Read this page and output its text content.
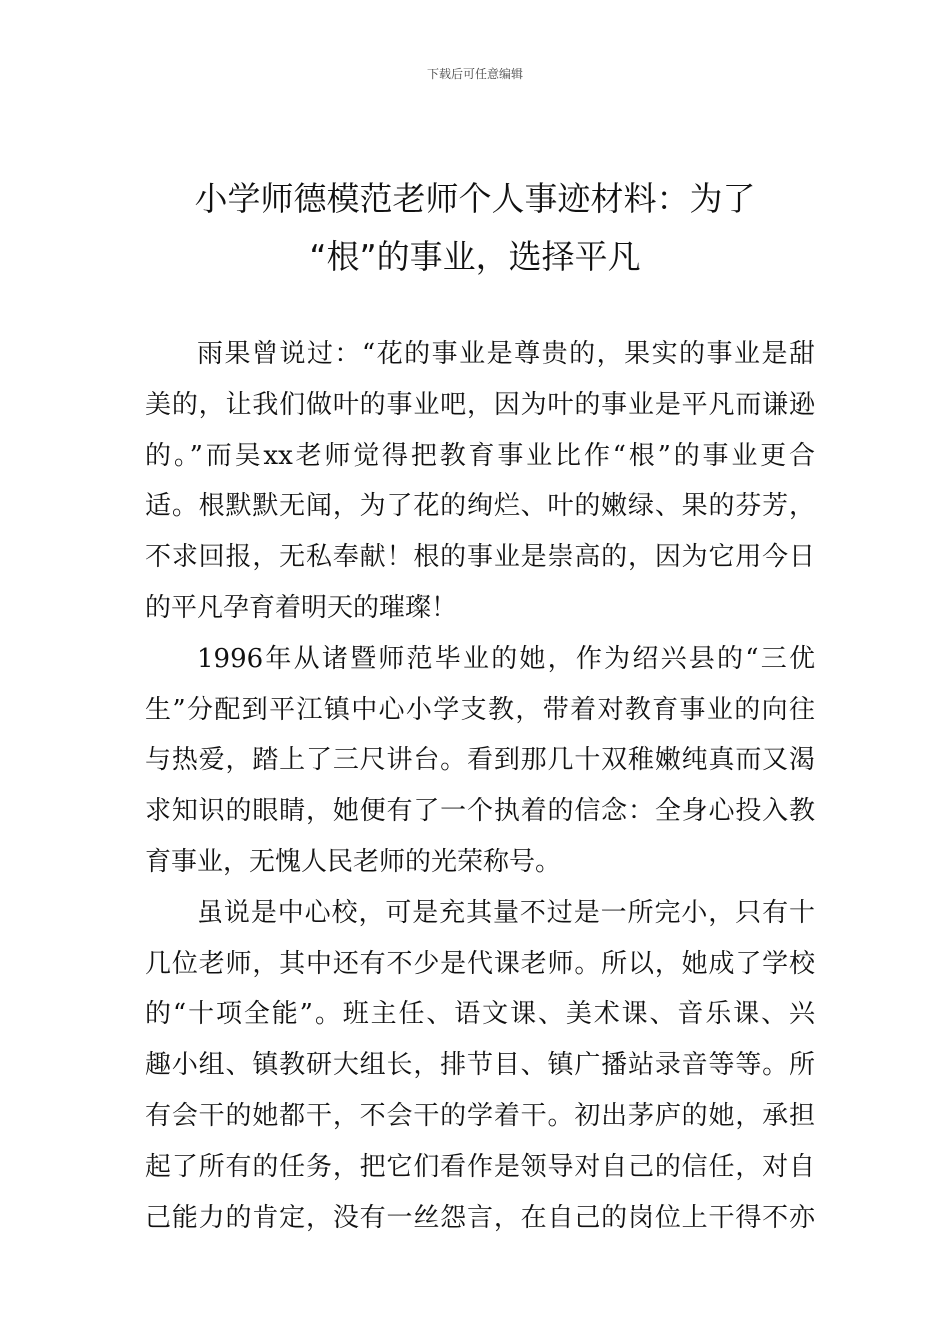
下载后可任意编辑
小学师德模范老师个人事迹材料：为了
“根”的事业，选择平凡
雨果曾说过：“花的事业是尊贵的，果实的事业是甜
美的，让我们做叶的事业吧，因为叶的事业是平凡而谦逊
的。”而吴xx老师觉得把教育事业比作“根”的事业更合
适。根默默无闻，为了花的绚烂、叶的嫩绿、果的芬芳，
不求回报，无私奉献！根的事业是崇高的，因为它用今日
的平凡孕育着明天的璀璨！
1996年从诸暨师范毕业的她，作为绍兴县的“三优
生”分配到平江镇中心小学支教，带着对教育事业的向往
与热爱，踏上了三尺讲台。看到那几十双稚嫩纯真而又渴
求知识的眼睛，她便有了一个执着的信念：全身心投入教
育事业，无愧人民老师的光荣称号。
虽说是中心校，可是充其量不过是一所完小，只有十
几位老师，其中还有不少是代课老师。所以，她成了学校
的“十项全能”。班主任、语文课、美术课、音乐课、兴
趣小组、镇教研大组长，排节目、镇广播站录音等等。所
有会干的她都干，不会干的学着干。初出茅庐的她，承担
起了所有的任务，把它们看作是领导对自己的信任，对自
己能力的肯定，没有一丝怨言，在自己的岗位上干得不亦
